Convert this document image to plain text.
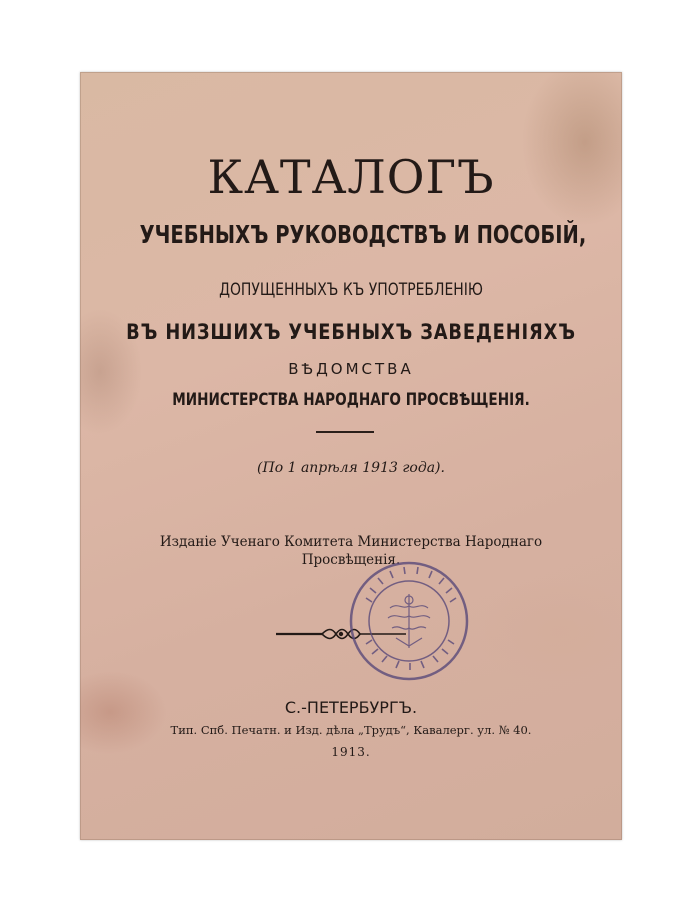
КАТАЛОГЪ
УЧЕБНЫХЪ РУКОВОДСТВЪ И ПОСОБІЙ,
ДОПУЩЕННЫХЪ КЪ УПОТРЕБЛЕНІЮ
ВЪ НИЗШИХЪ УЧЕБНЫХЪ ЗАВЕДЕНІЯХЪ
ВѢДОМСТВА
МИНИСТЕРСТВА НАРОДНАГО ПРОСВѢЩЕНІЯ.
(По 1 апрѣля 1913 года).
Изданіе Ученаго Комитета Министерства Народнаго
Просвѣщенія.
С.-ПЕТЕРБУРГЪ.
Тип. Спб. Печатн. и Изд. дѣла „Трудъ“, Кавалерг. ул. № 40.
1913.
